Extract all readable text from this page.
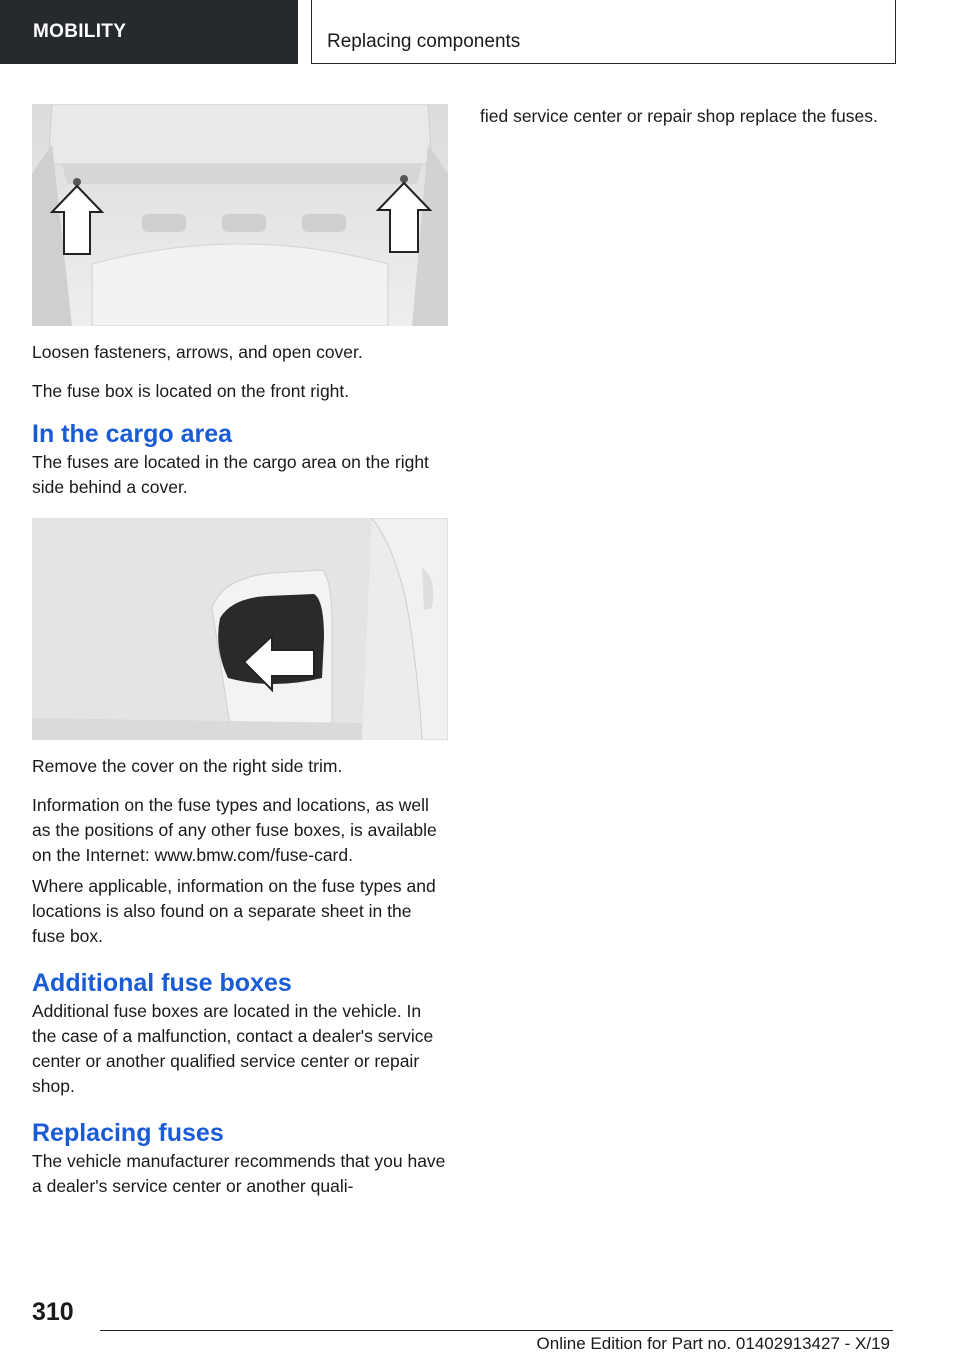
MOBILITY	Replacing components

Loosen fasteners, arrows, and open cover.

The fuse box is located on the front right.

In the cargo area

The fuses are located in the cargo area on the right side behind a cover.

Remove the cover on the right side trim.

Information on the fuse types and locations, as well as the positions of any other fuse boxes, is available on the Internet: www.bmw.com/fuse-card.

Where applicable, information on the fuse types and locations is also found on a separate sheet in the fuse box.

Additional fuse boxes

Additional fuse boxes are located in the vehicle. In the case of a malfunction, contact a dealer's service center or another qualified service center or repair shop.

Replacing fuses

The vehicle manufacturer recommends that you have a dealer's service center or another quali-

fied service center or repair shop replace the fuses.

310
Online Edition for Part no. 01402913427 - X/19
